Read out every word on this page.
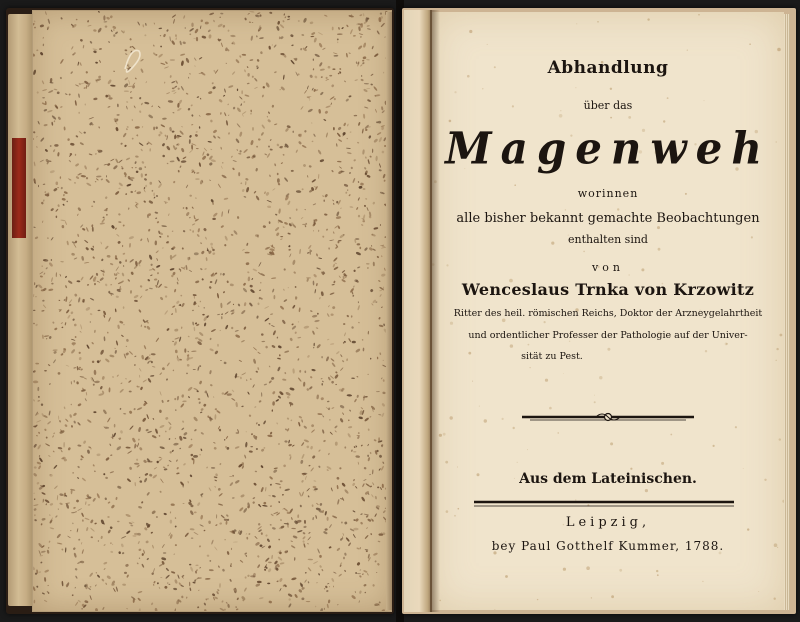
Abhandlung
über das
Magenweh
worinnen
alle bisher bekannt gemachte Beobachtungen
enthalten sind
von
Wenceslaus Trnka von Krzowitz
Ritter des heil. römischen Reichs, Doktor der Arzneygelahrtheit
und ordentlicher Professer der Pathologie auf der Univer-
sität zu Pest.
Aus dem Lateinischen.
Leipzig,
bey Paul Gotthelf Kummer, 1788.
